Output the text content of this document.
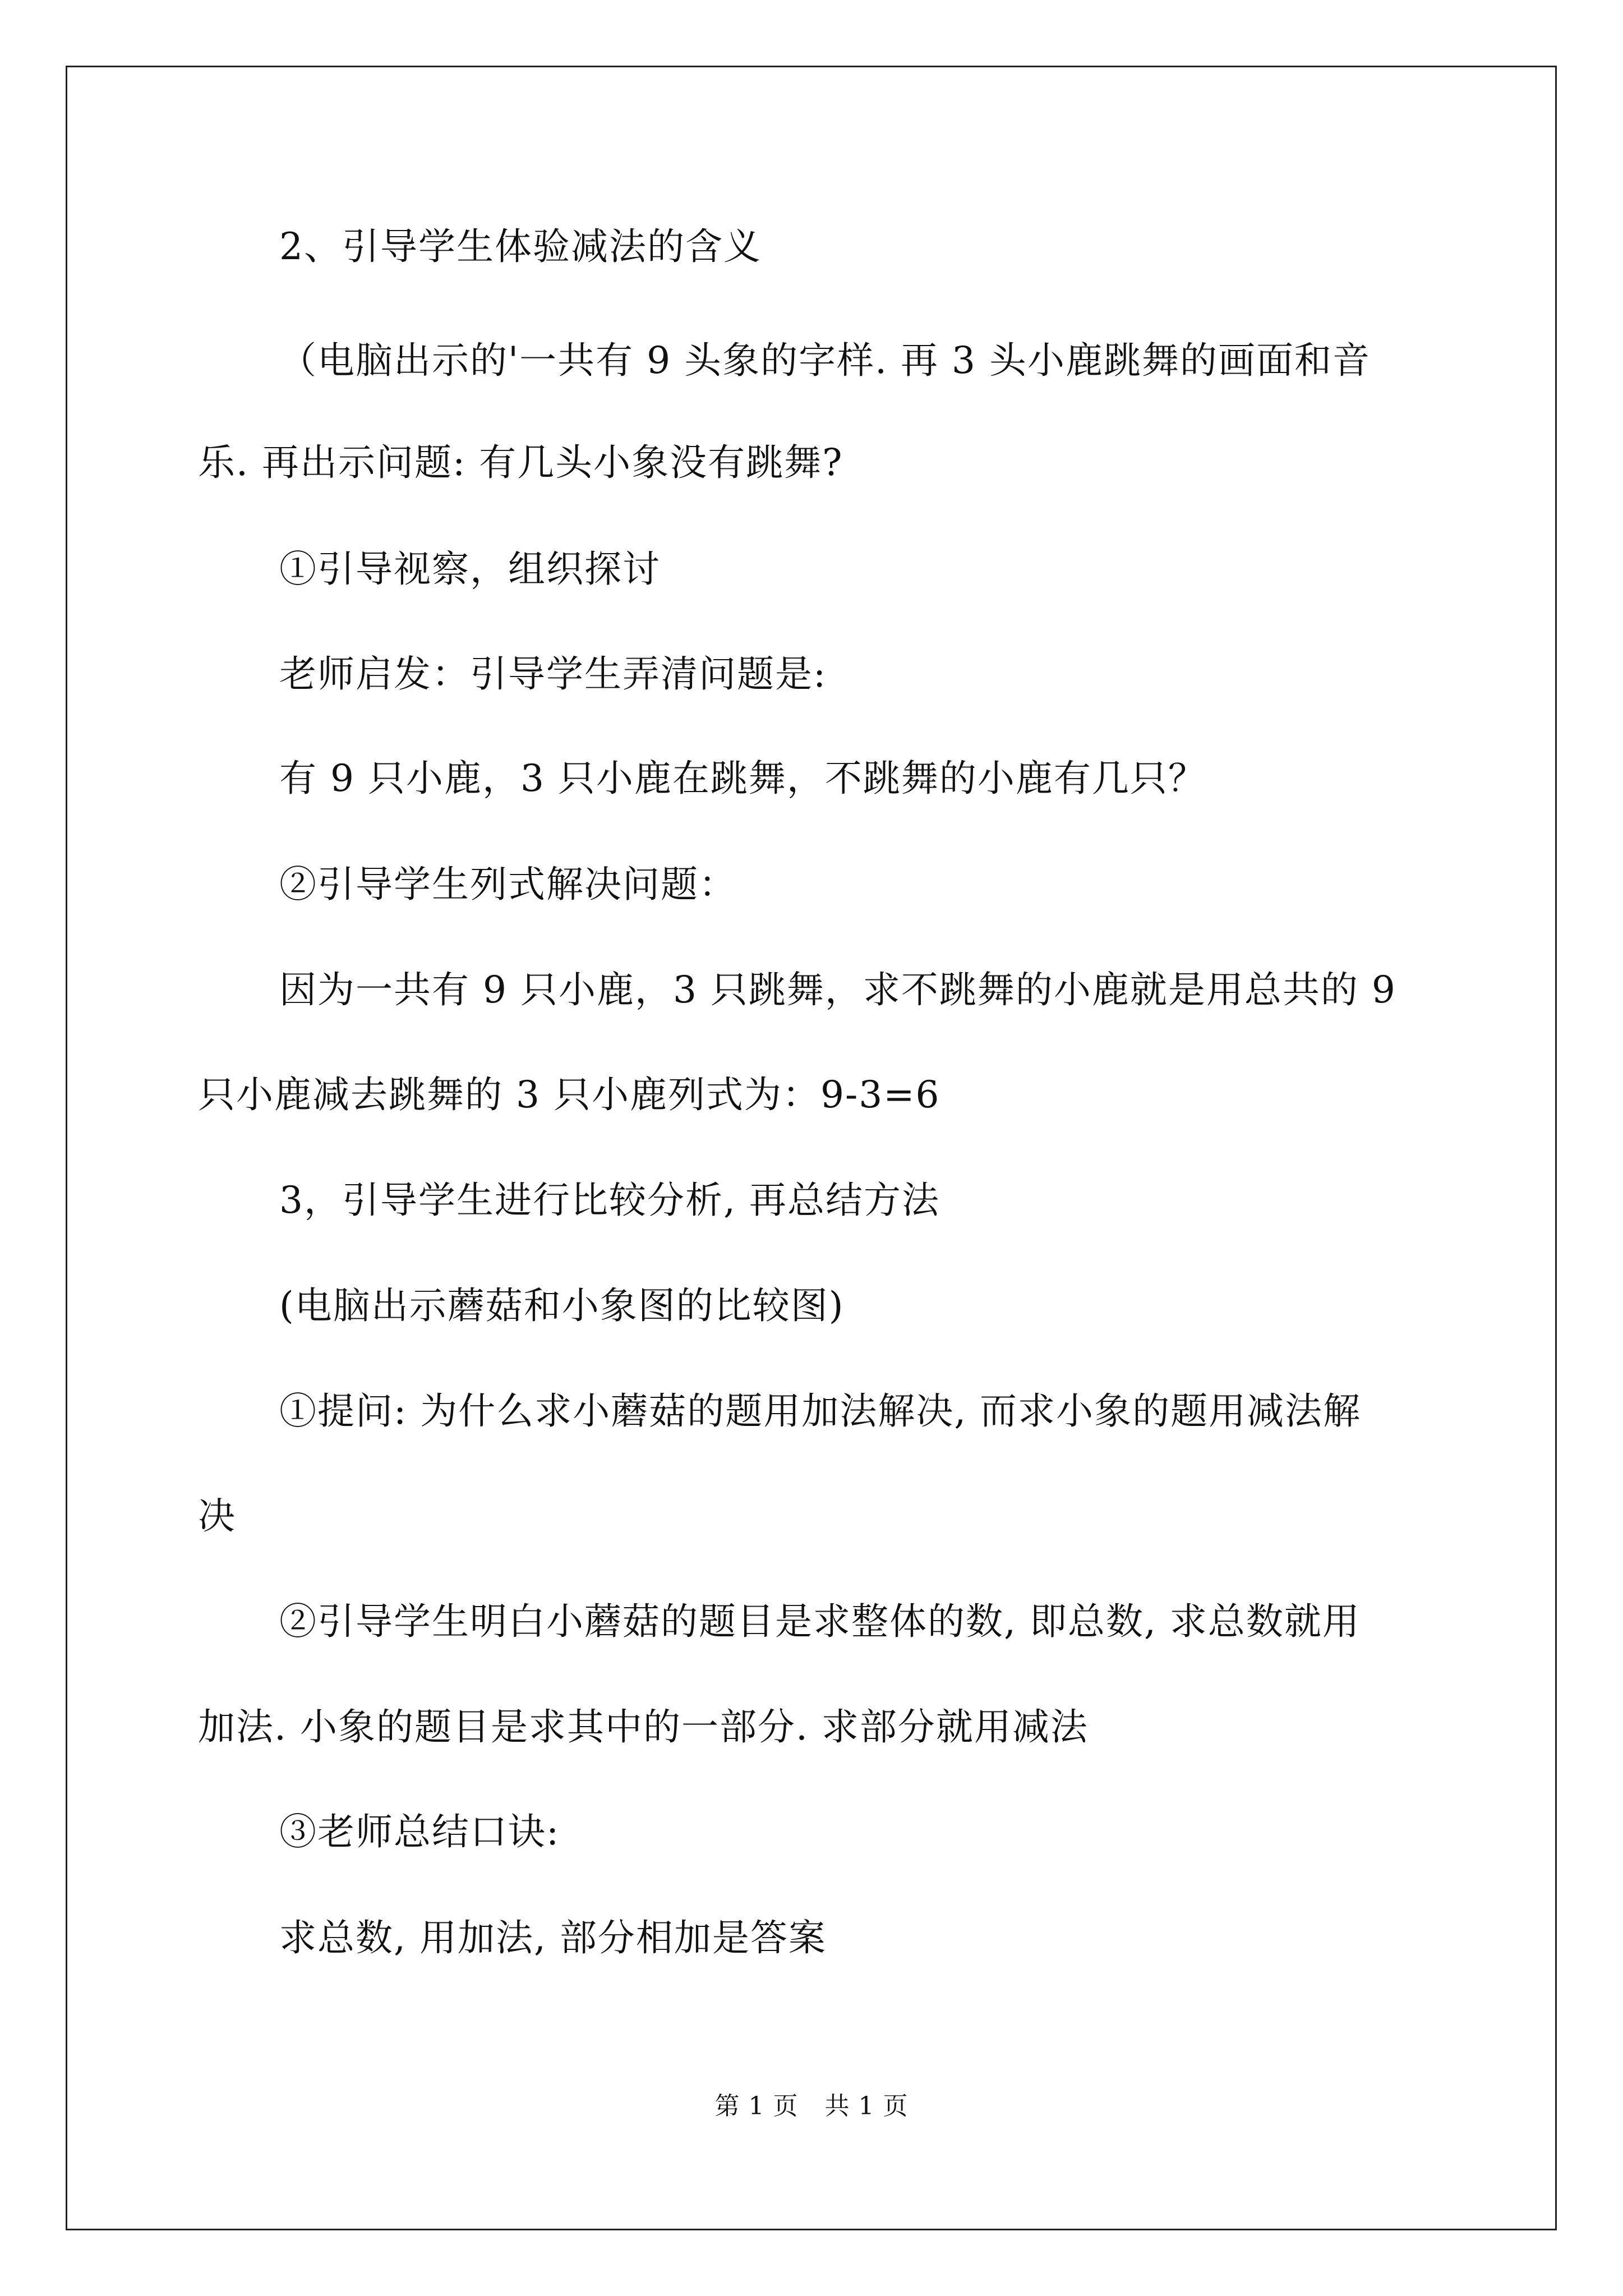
2、引导学生体验减法的含义
（电脑出示的'一共有 9 头象的字样. 再 3 头小鹿跳舞的画面和音
乐. 再出示问题: 有几头小象没有跳舞?
①引导视察，组织探讨
老师启发：引导学生弄清问题是:
有 9 只小鹿，3 只小鹿在跳舞，不跳舞的小鹿有几只？
②引导学生列式解决问题：
因为一共有 9 只小鹿，3 只跳舞，求不跳舞的小鹿就是用总共的 9
只小鹿减去跳舞的 3 只小鹿列式为：9-3=6
3，引导学生进行比较分析, 再总结方法
(电脑出示蘑菇和小象图的比较图)
①提问: 为什么求小蘑菇的题用加法解决, 而求小象的题用减法解
决
②引导学生明白小蘑菇的题目是求整体的数, 即总数, 求总数就用
加法. 小象的题目是求其中的一部分. 求部分就用减法
③老师总结口诀:
求总数, 用加法, 部分相加是答案
第 1 页 共 1 页
